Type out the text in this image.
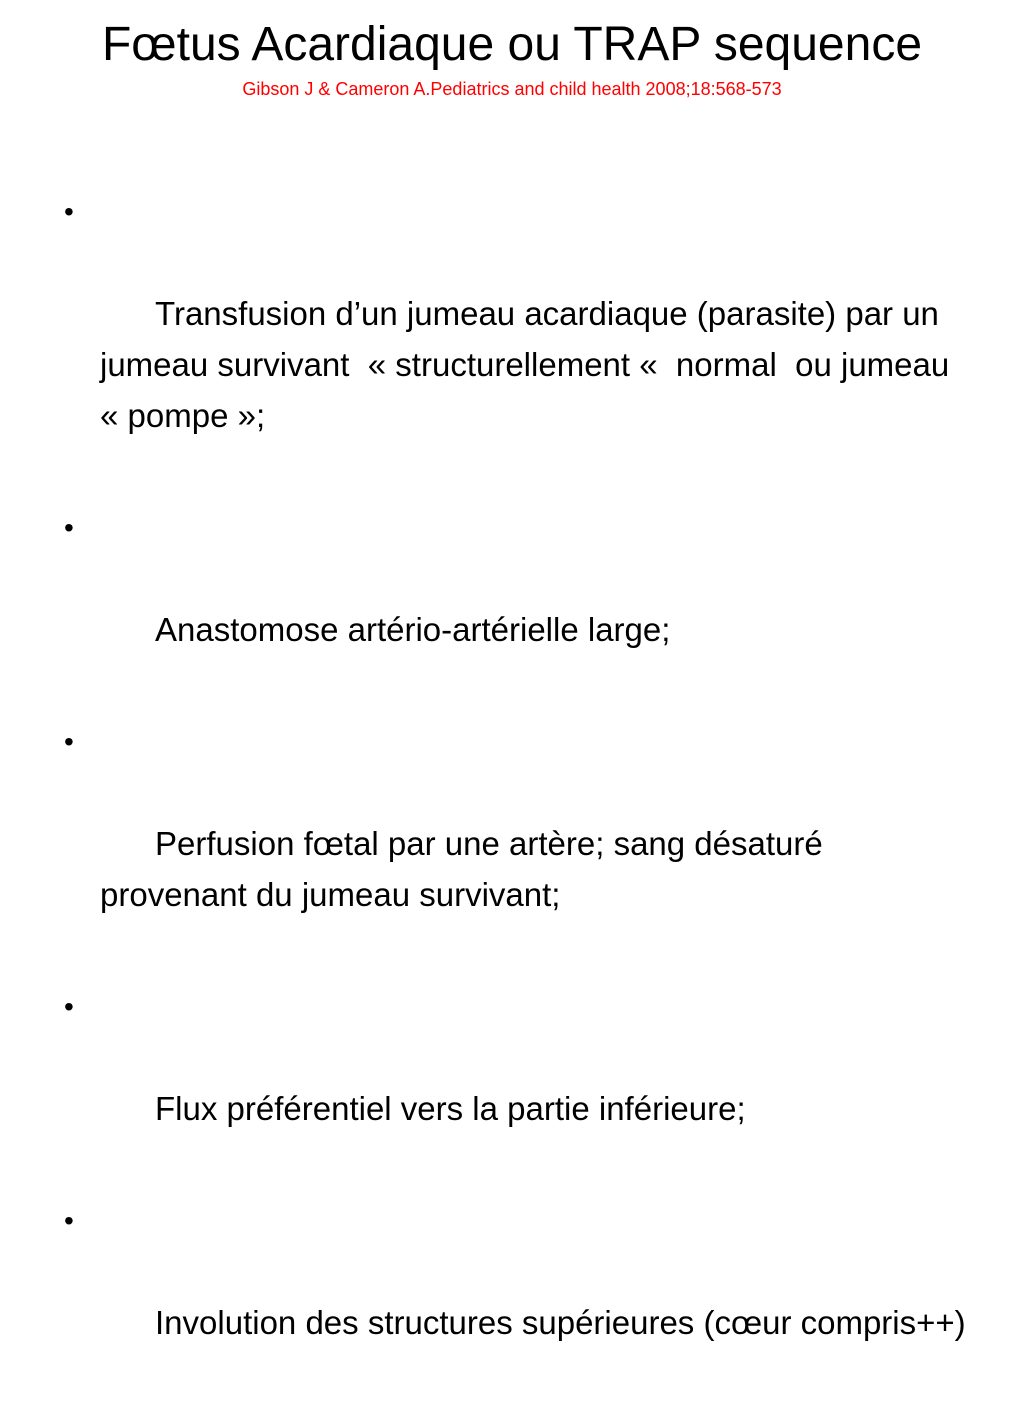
Fœtus Acardiaque ou TRAP sequence
Gibson J & Cameron A.Pediatrics and child health 2008;18:568-573

•

Transfusion d’un jumeau acardiaque (parasite) par un jumeau survivant  « structurellement «  normal  ou jumeau « pompe »;

•

Anastomose artério-artérielle large;

•

Perfusion fœtal par une artère; sang désaturé provenant du jumeau survivant;

•

Flux préférentiel vers la partie inférieure;

•

Involution des structures supérieures (cœur compris++)
